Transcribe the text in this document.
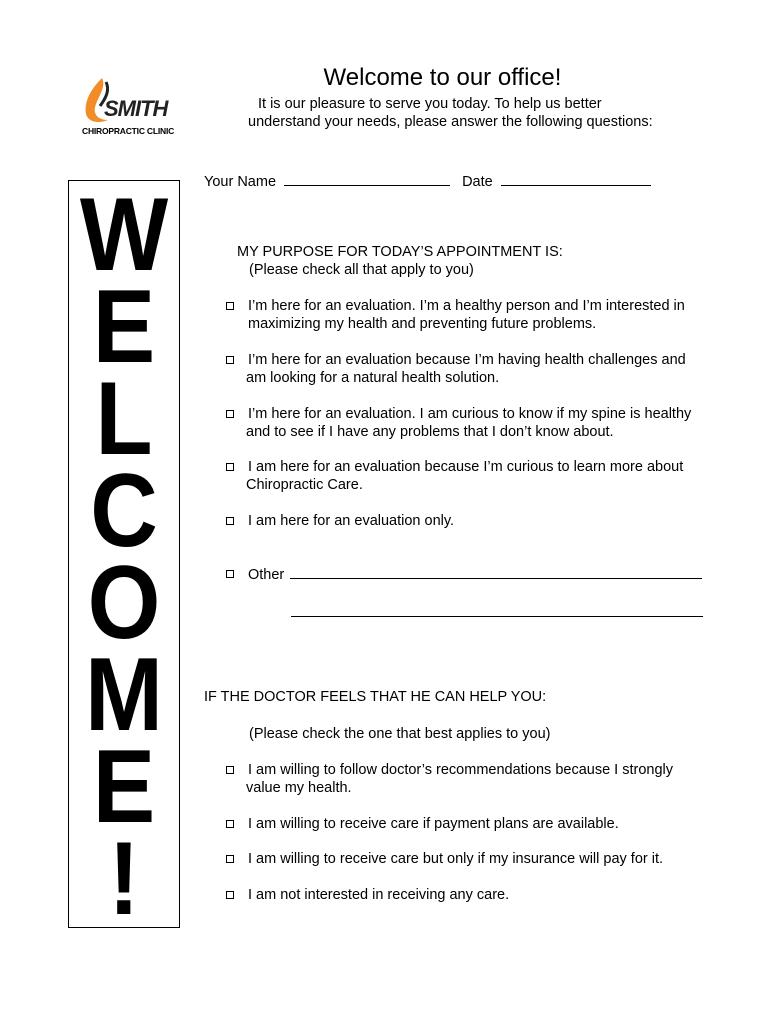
SMITH
CHIROPRACTIC CLINIC
Welcome to our office!
It is our pleasure to serve you today. To help us better
understand your needs, please answer the following questions:
Your Name	Date
W
E
L
C
O
M
E
!
MY PURPOSE FOR TODAY’S APPOINTMENT IS:
(Please check all that apply to you)
I’m here for an evaluation. I’m a healthy person and I’m interested in
maximizing my health and preventing future problems.
I’m here for an evaluation because I’m having health challenges and
am looking for a natural health solution.
I’m here for an evaluation. I am curious to know if my spine is healthy
and to see if I have any problems that I don’t know about.
I am here for an evaluation because I’m curious to learn more about
Chiropractic Care.
I am here for an evaluation only.
Other
IF THE DOCTOR FEELS THAT HE CAN HELP YOU:
(Please check the one that best applies to you)
I am willing to follow doctor’s recommendations because I strongly
value my health.
I am willing to receive care if payment plans are available.
I am willing to receive care but only if my insurance will pay for it.
I am not interested in receiving any care.
